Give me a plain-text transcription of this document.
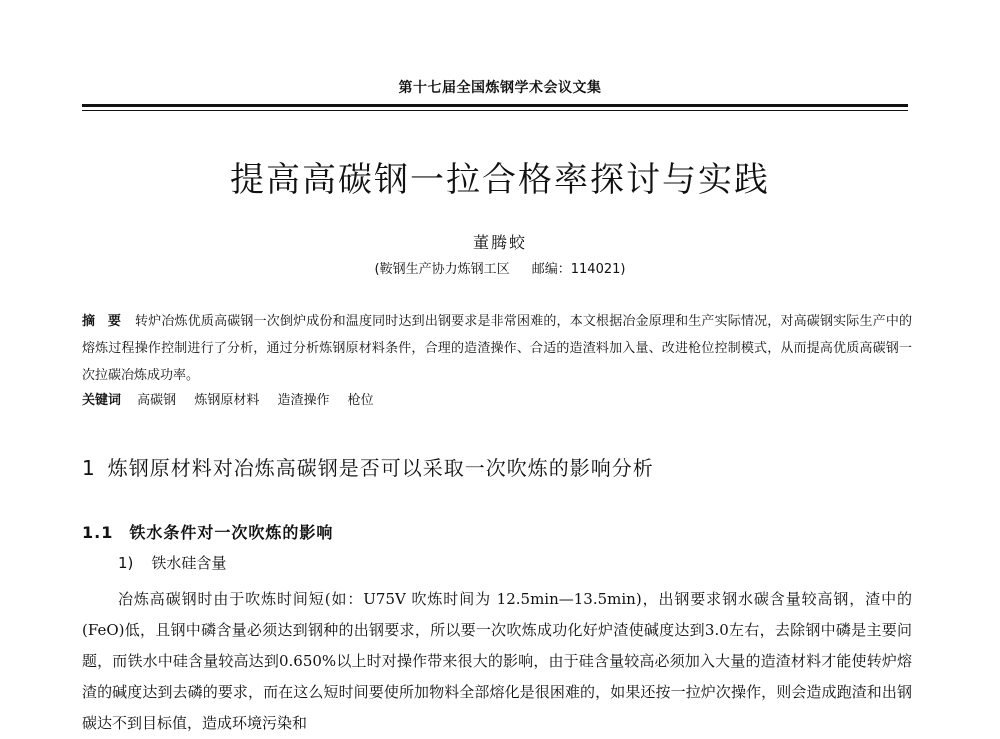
第十七届全国炼钢学术会议文集
提高高碳钢一拉合格率探讨与实践
董腾蛟
(鞍钢生产协力炼钢工区 邮编：114021)
摘 要 转炉冶炼优质高碳钢一次倒炉成份和温度同时达到出钢要求是非常困难的，本文根据冶金原理和生产实际情况，对高碳钢实际生产中的熔炼过程操作控制进行了分析，通过分析炼钢原材料条件，合理的造渣操作、合适的造渣料加入量、改进枪位控制模式，从而提高优质高碳钢一次拉碳冶炼成功率。
关键词 高碳钢 炼钢原材料 造渣操作 枪位
1 炼钢原材料对冶炼高碳钢是否可以采取一次吹炼的影响分析
1.1 铁水条件对一次吹炼的影响
1) 铁水硅含量

冶炼高碳钢时由于吹炼时间短(如：U75V 吹炼时间为 12.5min—13.5min)，出钢要求钢水碳含量较高钢，渣中的(FeO)低，且钢中磷含量必须达到钢种的出钢要求，所以要一次吹炼成功化好炉渣使碱度达到3.0左右，去除钢中磷是主要问题，而铁水中硅含量较高达到0.650%以上时对操作带来很大的影响，由于硅含量较高必须加入大量的造渣材料才能使转炉熔渣的碱度达到去磷的要求，而在这么短时间要使所加物料全部熔化是很困难的，如果还按一拉炉次操作，则会造成跑渣和出钢碳达不到目标值，造成环境污染和
